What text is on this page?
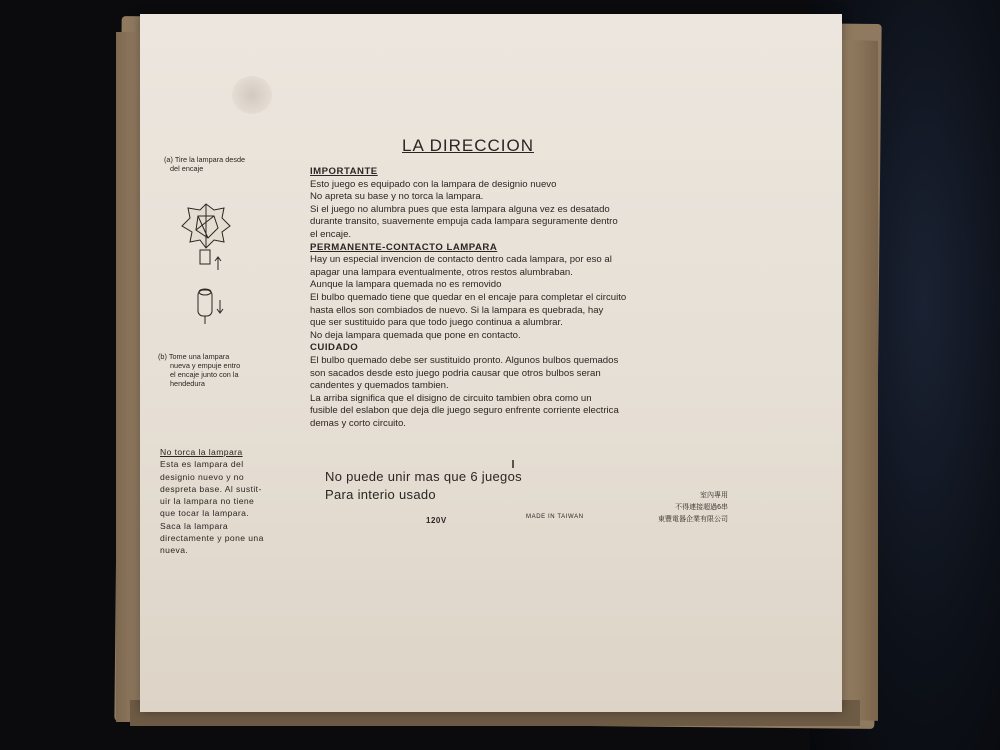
(a) Tire la lampara desde
del encaje
(b) Tome una lampara
nueva y empuje entro
el encaje junto con la
hendedura
No torca la lampara
Esta es lampara del
designio nuevo y no
despreta base. Al sustit-
uir la lampara no tiene
que tocar la lampara.
Saca la lampara
directamente y pone una
nueva.
LA DIRECCION

IMPORTANTE

Esto juego es equipado con la lampara de designio nuevo

No apreta su base y no torca la lampara.

Si el juego no alumbra pues que esta lampara alguna vez es desatado

durante transito, suavemente empuja cada lampara seguramente dentro

el encaje.

PERMANENTE-CONTACTO LAMPARA

Hay un especial invencion de contacto dentro cada lampara, por eso al

apagar una lampara eventualmente, otros restos alumbraban.

Aunque la lampara quemada no es removido

El bulbo quemado tiene que quedar en el encaje para completar el circuito

hasta ellos son combiados de nuevo. Si la lampara es quebrada, hay

que ser sustituido para que todo juego continua a alumbrar.

No deja lampara quemada que pone en contacto.

CUIDADO

El bulbo quemado debe ser sustituido pronto. Algunos bulbos quemados

son sacados desde esto juego podria causar que otros bulbos seran

candentes y quemados tambien.

La arriba significa que el disigno de circuito tambien obra como un

fusible del eslabon que deja dle juego seguro enfrente corriente electrica

demas y corto circuito.

No puede unir mas que 6 juegos
Para interio usado
120V	MADE IN TAIWAN
室內專用
不得連接超過6串
東豐電器企業有限公司
